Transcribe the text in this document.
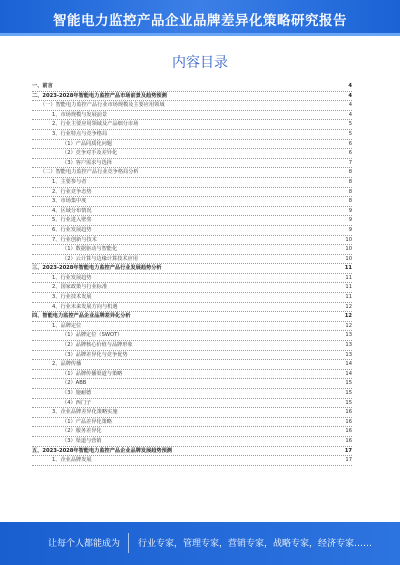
智能电力监控产品企业品牌差异化策略研究报告
内容目录
一、前言	4
二、2023-2028年智能电力监控产品市场前景及趋势预测	4
（一）智能电力监控产品行业市场规模及主要应用领域	4
1、市场规模与发展前景	4
2、行业主要应用领域及产品细分市场	5
3、行业特点与竞争格局	5
（1）产品同质化问题	6
（2）竞争对手及差异化	6
（3）客户需求与选择	7
（二）智能电力监控产品行业竞争格局分析	8
1、主要参与者	8
2、行业竞争态势	8
3、市场集中度	8
4、区域分布情况	9
5、行业进入壁垒	9
6、行业发展趋势	9
7、行业创新与技术	10
（1）数据驱动与智能化	10
（2）云计算与边缘计算技术应用	10
三、2023-2028年智能电力监控产品行业发展趋势分析	11
1、行业发展趋势	11
2、国家政策与行业标准	11
3、行业技术发展	11
4、行业未来发展方向与机遇	12
四、智能电力监控产品企业品牌差异化分析	12
1、品牌定位	12
（1）品牌定位（SWOT）	13
（2）品牌核心价值与品牌形象	13
（3）品牌差异化与竞争优势	13
2、品牌传播	14
（1）品牌传播渠道与策略	14
（2）ABB	15
（3）施耐德	15
（4）西门子	15
3、企业品牌差异化策略实施	16
（1）产品差异化策略	16
（2）服务差异化	16
（3）渠道与营销	16
五、2023-2028年智能电力监控产品企业品牌发展趋势预测	17
1、企业品牌发展	17
让每个人都能成为 行业专家，管理专家，营销专家，战略专家，经济专家……
